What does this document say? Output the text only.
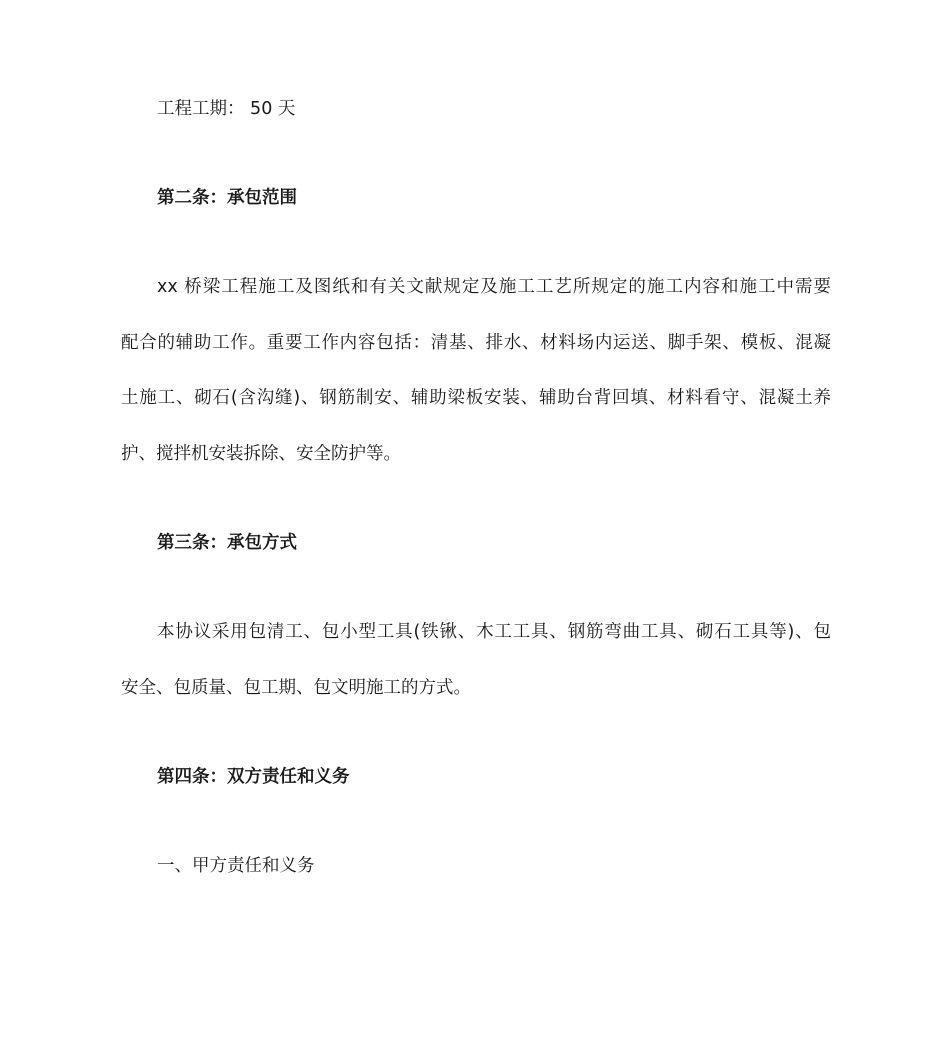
工程工期： 50 天
第二条：承包范围
xx 桥梁工程施工及图纸和有关文献规定及施工工艺所规定的施工内容和施工中需要
配合的辅助工作。重要工作内容包括：清基、排水、材料场内运送、脚手架、模板、混凝
土施工、砌石(含沟缝)、钢筋制安、辅助梁板安装、辅助台背回填、材料看守、混凝土养
护、搅拌机安装拆除、安全防护等。
第三条：承包方式
本协议采用包清工、包小型工具(铁锹、木工工具、钢筋弯曲工具、砌石工具等)、包
安全、包质量、包工期、包文明施工的方式。
第四条：双方责任和义务
一、甲方责任和义务
